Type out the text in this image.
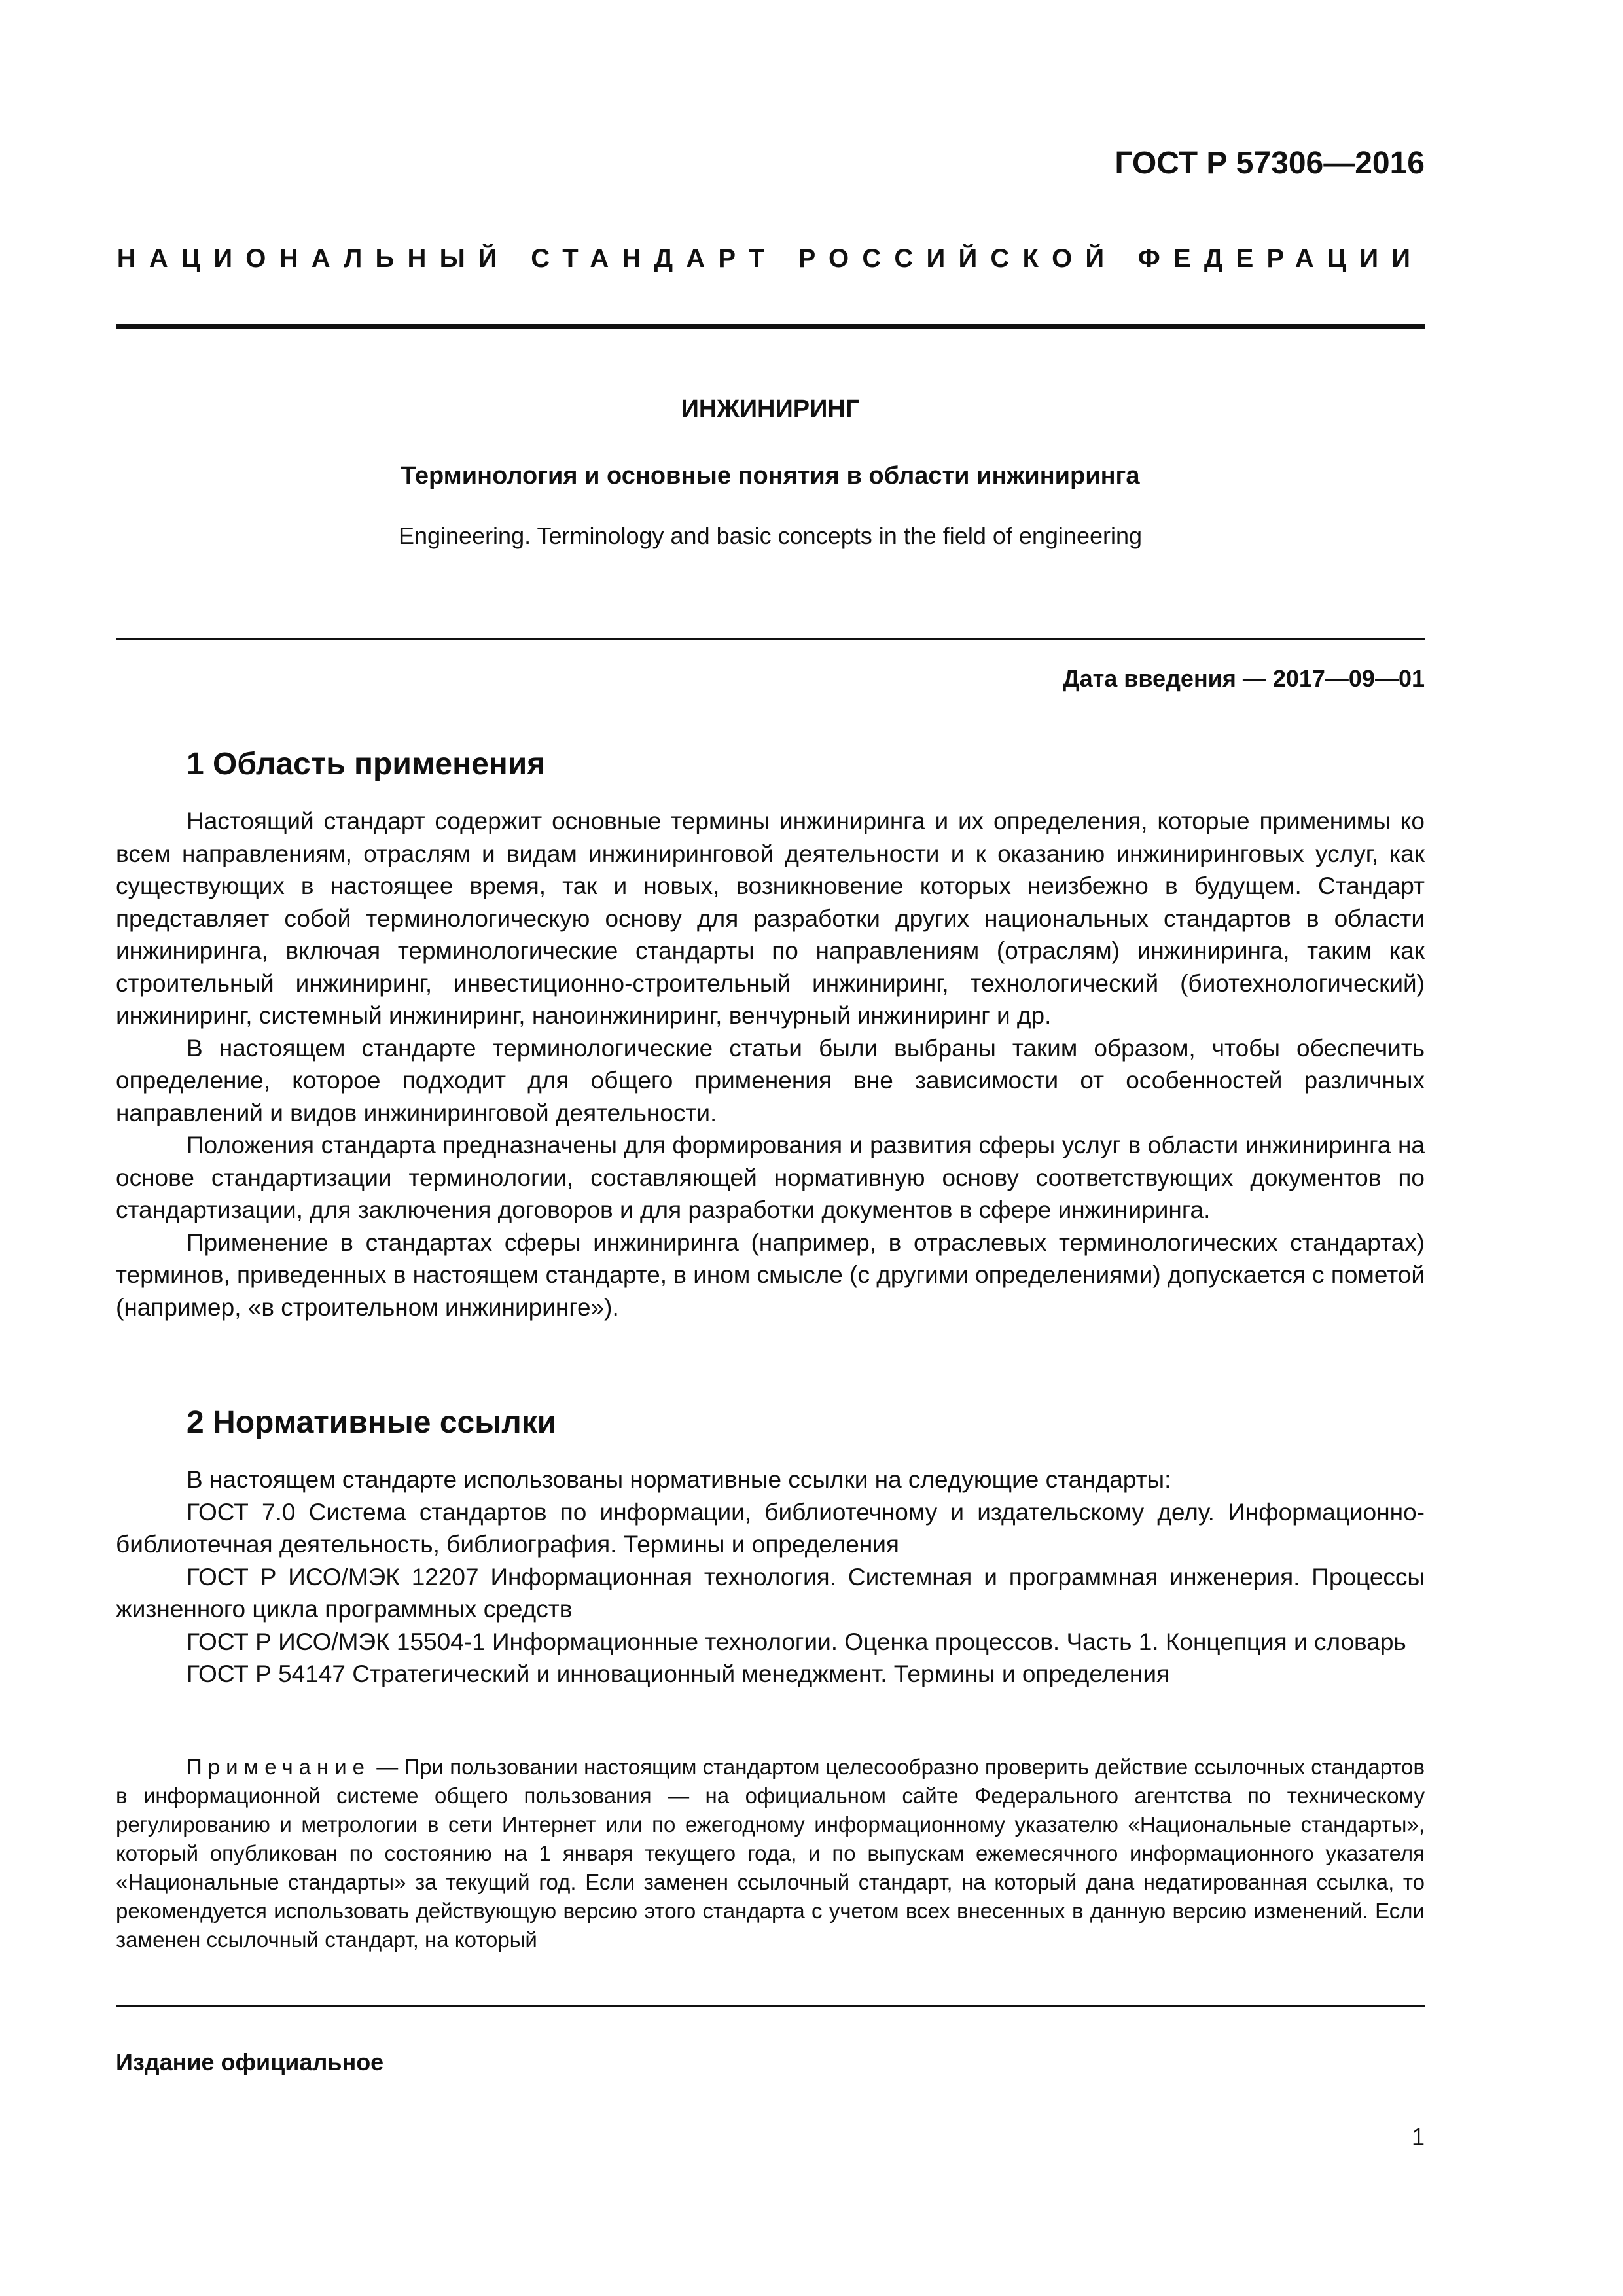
ГОСТ Р 57306—2016
НАЦИОНАЛЬНЫЙ СТАНДАРТ РОССИЙСКОЙ ФЕДЕРАЦИИ
ИНЖИНИРИНГ
Терминология и основные понятия в области инжиниринга
Engineering. Terminology and basic concepts in the field of engineering
Дата введения — 2017—09—01
1 Область применения

Настоящий стандарт содержит основные термины инжиниринга и их определения, которые применимы ко всем направлениям, отраслям и видам инжиниринговой деятельности и к оказанию инжиниринговых услуг, как существующих в настоящее время, так и новых, возникновение которых неизбежно в будущем. Стандарт представляет собой терминологическую основу для разработки других национальных стандартов в области инжиниринга, включая терминологические стандарты по направлениям (отраслям) инжиниринга, таким как строительный инжиниринг, инвестиционно-строительный инжиниринг, технологический (биотехнологический) инжиниринг, системный инжиниринг, наноинжиниринг, венчурный инжиниринг и др.

В настоящем стандарте терминологические статьи были выбраны таким образом, чтобы обеспечить определение, которое подходит для общего применения вне зависимости от особенностей различных направлений и видов инжиниринговой деятельности.

Положения стандарта предназначены для формирования и развития сферы услуг в области инжиниринга на основе стандартизации терминологии, составляющей нормативную основу соответствующих документов по стандартизации, для заключения договоров и для разработки документов в сфере инжиниринга.

Применение в стандартах сферы инжиниринга (например, в отраслевых терминологических стандартах) терминов, приведенных в настоящем стандарте, в ином смысле (с другими определениями) допускается с пометой (например, «в строительном инжиниринге»).

2 Нормативные ссылки

В настоящем стандарте использованы нормативные ссылки на следующие стандарты:

ГОСТ 7.0 Система стандартов по информации, библиотечному и издательскому делу. Информационно-библиотечная деятельность, библиография. Термины и определения

ГОСТ Р ИСО/МЭК 12207 Информационная технология. Системная и программная инженерия. Процессы жизненного цикла программных средств

ГОСТ Р ИСО/МЭК 15504-1 Информационные технологии. Оценка процессов. Часть 1. Концепция и словарь

ГОСТ Р 54147 Стратегический и инновационный менеджмент. Термины и определения

Примечание — При пользовании настоящим стандартом целесообразно проверить действие ссылочных стандартов в информационной системе общего пользования — на официальном сайте Федерального агентства по техническому регулированию и метрологии в сети Интернет или по ежегодному информационному указателю «Национальные стандарты», который опубликован по состоянию на 1 января текущего года, и по выпускам ежемесячного информационного указателя «Национальные стандарты» за текущий год. Если заменен ссылочный стандарт, на который дана недатированная ссылка, то рекомендуется использовать действующую версию этого стандарта с учетом всех внесенных в данную версию изменений. Если заменен ссылочный стандарт, на который

Издание официальное
1
